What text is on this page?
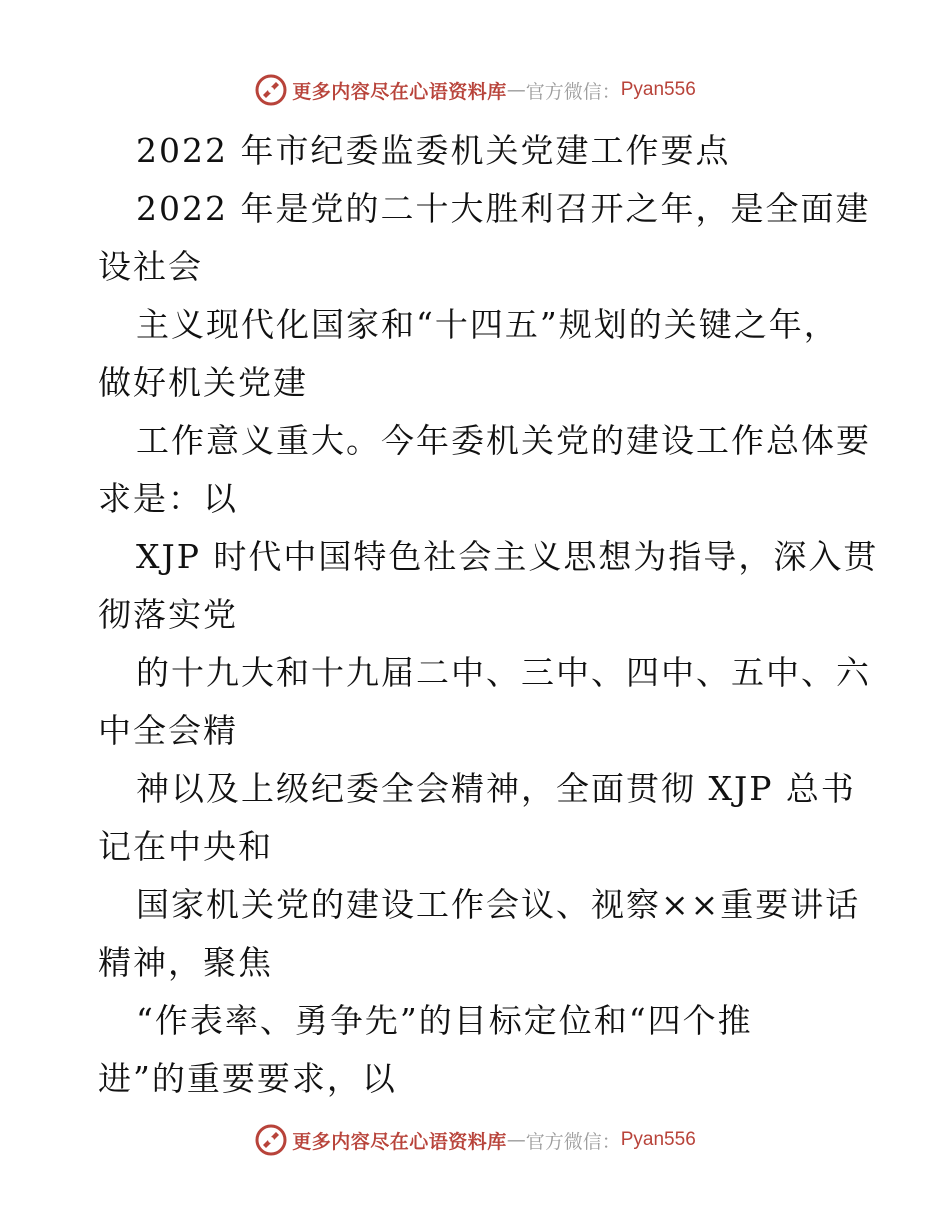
更多内容尽在心语资料库 — 官方微信： Pyan556
2022 年市纪委监委机关党建工作要点
2022 年是党的二十大胜利召开之年，是全面建
设社会
主义现代化国家和“十四五”规划的关键之年，
做好机关党建
工作意义重大。今年委机关党的建设工作总体要
求是：以
XJP 时代中国特色社会主义思想为指导，深入贯
彻落实党
的十九大和十九届二中、三中、四中、五中、六
中全会精
神以及上级纪委全会精神，全面贯彻 XJP 总书
记在中央和
国家机关党的建设工作会议、视察××重要讲话
精神，聚焦
“作表率、勇争先”的目标定位和“四个推
进”的重要要求，以
更多内容尽在心语资料库 — 官方微信： Pyan556
